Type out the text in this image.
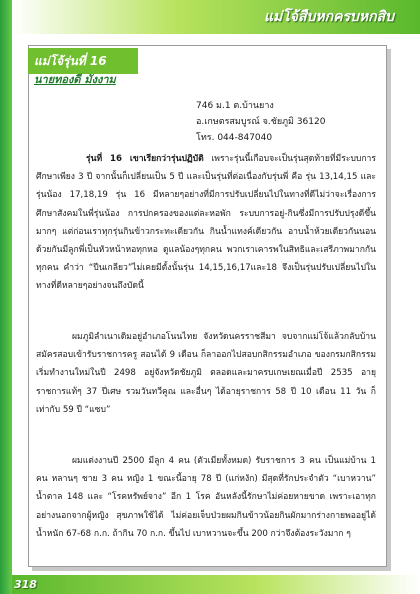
แม่โจ้สืบหกครบหกสิบ
แม่โจ้รุ่นที่ 16
นายทองดี มังงาม
746 ม.1 ต.บ้านยาง
อ.เกษตรสมบูรณ์ จ.ชัยภูมิ 36120
โทร. 044-847040
รุ่นที่ 16 เขาเรียกว่ารุ่นปฏิบัติ เพราะรุ่นนี้เกือบจะเป็นรุ่นสุดท้ายที่มีระบบการศึกษาเพียง 3 ปี จากนั้นก็เปลี่ยนเป็น 5 ปี และเป็นรุ่นที่ต่อเนื่องกับรุ่นพี่ คือ รุ่น 13,14,15 และรุ่นน้อง 17,18,19 รุ่น 16 มีหลายๆอย่างที่มีการปรับเปลี่ยนไปในทางที่ดีไม่ว่าจะเรื่องการศึกษาสังคมในพี่รุ่นน้อง การปกครองของแต่ละหอพัก ระบบการอยู่-กินซึ่งมีการปรับปรุงดีขึ้นมากๆ แต่ก่อนเราทุกรุ่นกินข้าวกระทะเดียวกัน กินน้ำแทงค์เดียวกัน อาบน้ำห้วยเดียวกันนอนด้วยกันมีลูกพี่เป็นหัวหน้าหอทุกหอ ดูแลน้องๆทุกคน พวกเราเคารพในสิทธิและเสรีภาพมากกันทุกคน คำว่า “ปีนเกลียว”ไม่เคยมีตั้งนั้นรุ่น 14,15,16,17และ18 จึงเป็นรุ่นปรับเปลี่ยนไปในทางที่ดีหลายๆอย่างจนถึงบัดนี้
ผมภูมิลำเนาเดิมอยู่อำเภอโนนไทย จังหวัดนครราชสีมา จบจากแม่โจ้แล้วกลับบ้านสมัครสอบเข้ารับราชการครู สอนได้ 9 เดือน ก็ลาออกไปสอบกสิกรรมอำเภอ ของกรมกสิกรรม เริ่มทำงานใหม่ในปี 2498 อยู่จังหวัดชัยภูมิ ตลอดและมาครบเกษเยณเมื่อปี 2535 อายุราชการแท้ๆ 37 ปีเศษ รวมวันทวีคูณ และอื่นๆ ได้อายุราชการ 58 ปี 10 เดือน 11 วัน ก็เท่ากับ 59 ปี “แซบ”
ผมแต่งงานปี 2500 มีลูก 4 คน (ตัวเมียทั้งหมด) รับราชการ 3 คน เป็นแม่บ้าน 1 คน หลานๆ ชาย 3 คน หญิง 1 ขณะนี้อายุ 78 ปี (แก่หงัก) มีสุดที่รักประจำตัว “เบาหวาน” น้ำตาล 148 และ “โรคหรัพย์จาง” อีก 1 โรค อันหลังนี้รักษาไม่ค่อยหายขาด เพราะเอาทุกอย่างนอกจากผู้หญิง สุขภาพใช้ได้ ไม่ค่อยเจ็บป่วยผมกินข้าวน้อยกินผักมากร่างกายพออยู่ได้น้ำหนัก 67-68 ก.ก. ถ้ากิน 70 ก.ก. ขึ้นไป เบาหวานจะขึ้น 200 กว่าจึงต้องระวังมาก ๆ
318
